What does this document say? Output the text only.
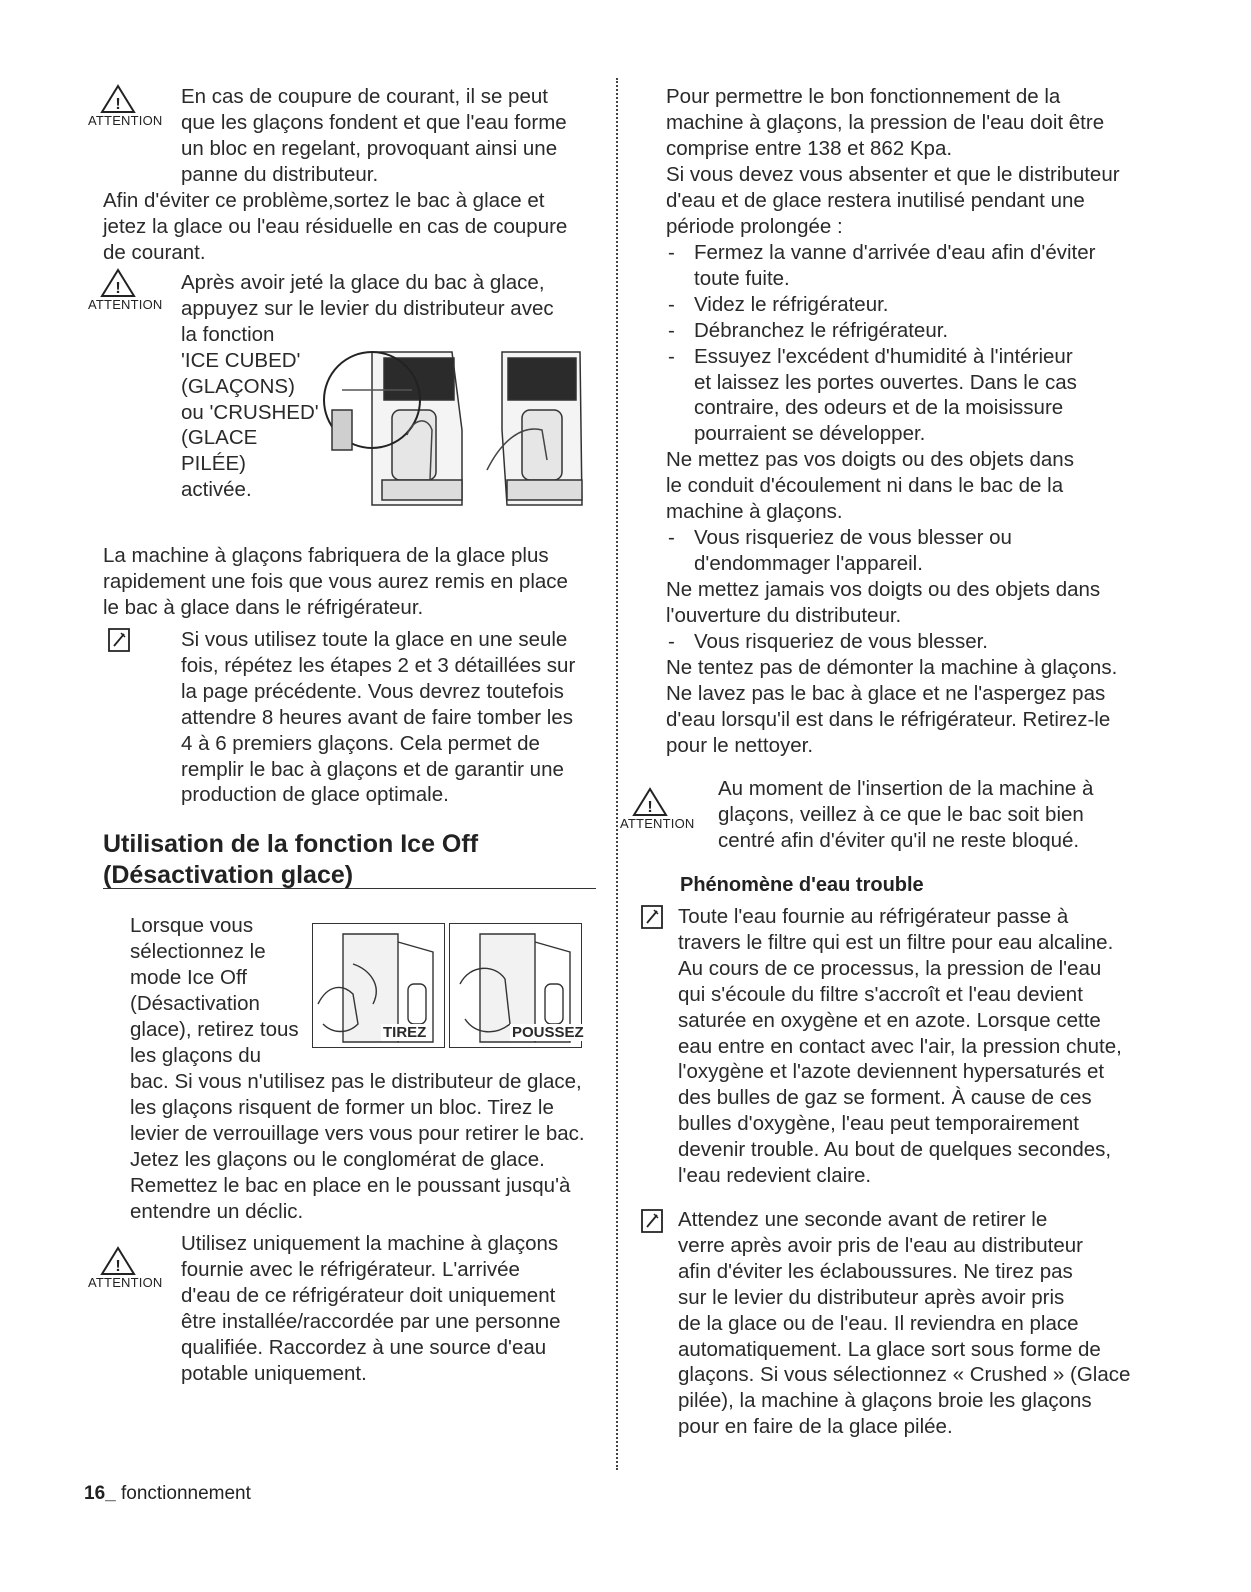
!
ATTENTION
En cas de coupure de courant, il se peut
que les glaçons fondent et que l'eau forme
un bloc en regelant, provoquant ainsi une
panne du distributeur.
Afin d'éviter ce problème,sortez le bac à glace et
jetez la glace ou l'eau résiduelle en cas de coupure
de courant.
!
ATTENTION
Après avoir jeté la glace du bac à glace,
appuyez sur le levier du distributeur avec
la fonction
'ICE CUBED'
(GLAÇONS)
ou 'CRUSHED'
(GLACE
PILÉE)
activée.
La machine à glaçons fabriquera de la glace plus
rapidement une fois que vous aurez remis en place
le bac à glace dans le réfrigérateur.
Si vous utilisez toute la glace en une seule
fois, répétez les étapes 2 et 3 détaillées sur
la page précédente. Vous devrez toutefois
attendre 8 heures avant de faire tomber les
4 à 6 premiers glaçons. Cela permet de
remplir le bac à glaçons et de garantir une
production de glace optimale.
Utilisation de la fonction Ice Off
(Désactivation glace)
Lorsque vous
sélectionnez le
mode Ice Off
(Désactivation
glace), retirez tous
les glaçons du
TIREZ	POUSSEZ
bac. Si vous n'utilisez pas le distributeur de glace,
les glaçons risquent de former un bloc. Tirez le
levier de verrouillage vers vous pour retirer le bac.
Jetez les glaçons ou le conglomérat de glace.
Remettez le bac en place en le poussant jusqu'à
entendre un déclic.
!
ATTENTION
Utilisez uniquement la machine à glaçons
fournie avec le réfrigérateur. L'arrivée
d'eau de ce réfrigérateur doit uniquement
être installée/raccordée par une personne
qualifiée. Raccordez à une source d'eau
potable uniquement.
Pour permettre le bon fonctionnement de la
machine à glaçons, la pression de l'eau doit être
comprise entre 138 et 862 Kpa.
Si vous devez vous absenter et que le distributeur
d'eau et de glace restera inutilisé pendant une
période prolongée :
- Fermez la vanne d'arrivée d'eau afin d'éviter
toute fuite.
- Videz le réfrigérateur.
- Débranchez le réfrigérateur.
- Essuyez l'excédent d'humidité à l'intérieur
et laissez les portes ouvertes. Dans le cas
contraire, des odeurs et de la moisissure
pourraient se développer.
Ne mettez pas vos doigts ou des objets dans
le conduit d'écoulement ni dans le bac de la
machine à glaçons.
- Vous risqueriez de vous blesser ou
d'endommager l'appareil.
Ne mettez jamais vos doigts ou des objets dans
l'ouverture du distributeur.
- Vous risqueriez de vous blesser.
Ne tentez pas de démonter la machine à glaçons.
Ne lavez pas le bac à glace et ne l'aspergez pas
d'eau lorsqu'il est dans le réfrigérateur. Retirez-le
pour le nettoyer.
!
ATTENTION
Au moment de l'insertion de la machine à
glaçons, veillez à ce que le bac soit bien
centré afin d'éviter qu'il ne reste bloqué.
Phénomène d'eau trouble
Toute l'eau fournie au réfrigérateur passe à
travers le filtre qui est un filtre pour eau alcaline.
Au cours de ce processus, la pression de l'eau
qui s'écoule du filtre s'accroît et l'eau devient
saturée en oxygène et en azote. Lorsque cette
eau entre en contact avec l'air, la pression chute,
l'oxygène et l'azote deviennent hypersaturés et
des bulles de gaz se forment. À cause de ces
bulles d'oxygène, l'eau peut temporairement
devenir trouble. Au bout de quelques secondes,
l'eau redevient claire.
Attendez une seconde avant de retirer le
verre après avoir pris de l'eau au distributeur
afin d'éviter les éclaboussures. Ne tirez pas
sur le levier du distributeur après avoir pris
de la glace ou de l'eau. Il reviendra en place
automatiquement. La glace sort sous forme de
glaçons. Si vous sélectionnez « Crushed » (Glace
pilée), la machine à glaçons broie les glaçons
pour en faire de la glace pilée.
16_ fonctionnement
